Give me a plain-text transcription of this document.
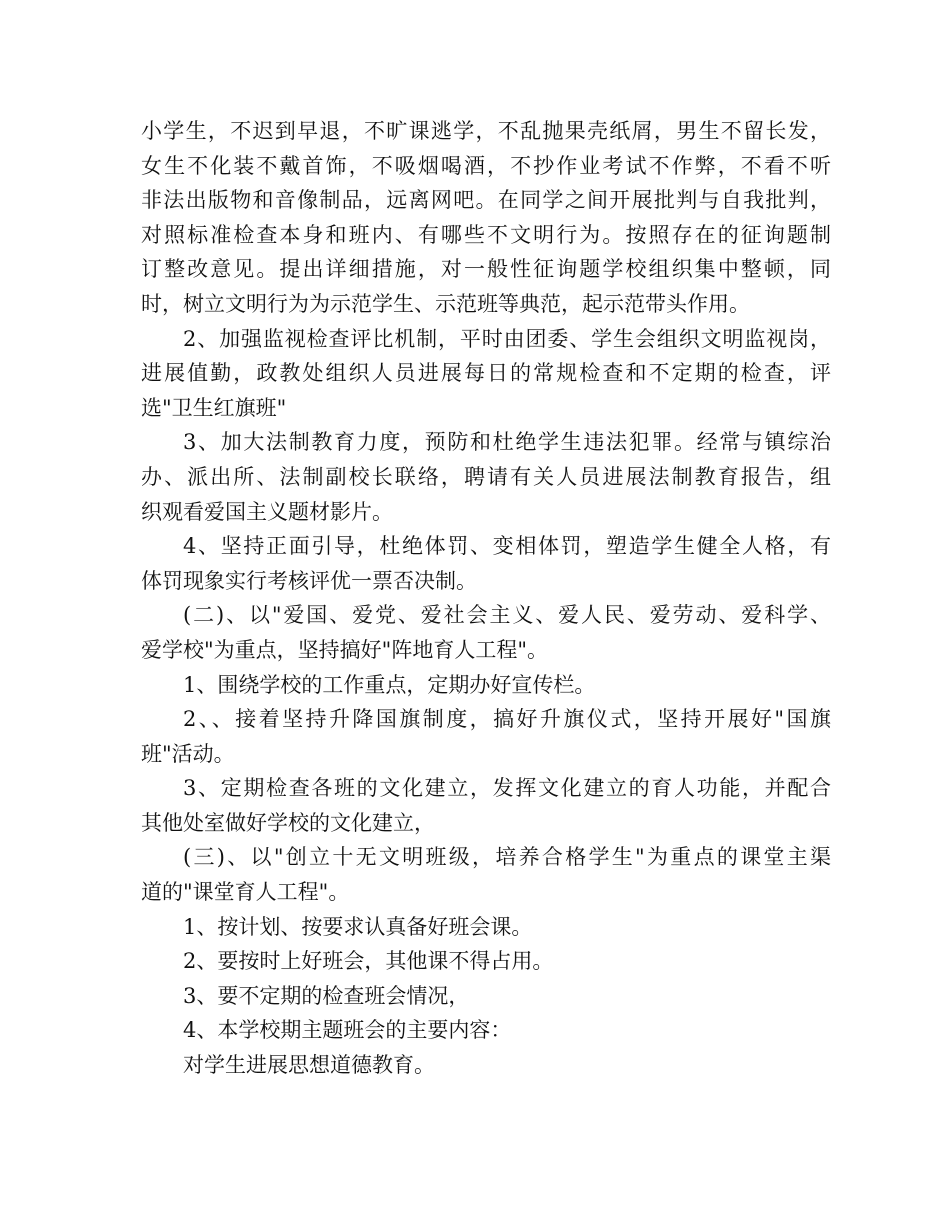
小学生，不迟到早退，不旷课逃学，不乱抛果壳纸屑，男生不留长发，
女生不化装不戴首饰，不吸烟喝酒，不抄作业考试不作弊，不看不听
非法出版物和音像制品，远离网吧。在同学之间开展批判与自我批判，
对照标准检查本身和班内、有哪些不文明行为。按照存在的征询题制
订整改意见。提出详细措施，对一般性征询题学校组织集中整顿，同
时，树立文明行为为示范学生、示范班等典范，起示范带头作用。
2、加强监视检查评比机制，平时由团委、学生会组织文明监视岗，
进展值勤，政教处组织人员进展每日的常规检查和不定期的检查，评
选"卫生红旗班"
3、加大法制教育力度，预防和杜绝学生违法犯罪。经常与镇综治
办、派出所、法制副校长联络，聘请有关人员进展法制教育报告，组
织观看爱国主义题材影片。
4、坚持正面引导，杜绝体罚、变相体罚，塑造学生健全人格，有
体罚现象实行考核评优一票否决制。
(二)、以"爱国、爱党、爱社会主义、爱人民、爱劳动、爱科学、
爱学校"为重点，坚持搞好"阵地育人工程"。
1、围绕学校的工作重点，定期办好宣传栏。
2、、接着坚持升降国旗制度，搞好升旗仪式，坚持开展好"国旗
班"活动。
3、定期检查各班的文化建立，发挥文化建立的育人功能，并配合
其他处室做好学校的文化建立，
(三)、以"创立十无文明班级，培养合格学生"为重点的课堂主渠
道的"课堂育人工程"。
1、按计划、按要求认真备好班会课。
2、要按时上好班会，其他课不得占用。
3、要不定期的检查班会情况，
4、本学校期主题班会的主要内容：
对学生进展思想道德教育。
